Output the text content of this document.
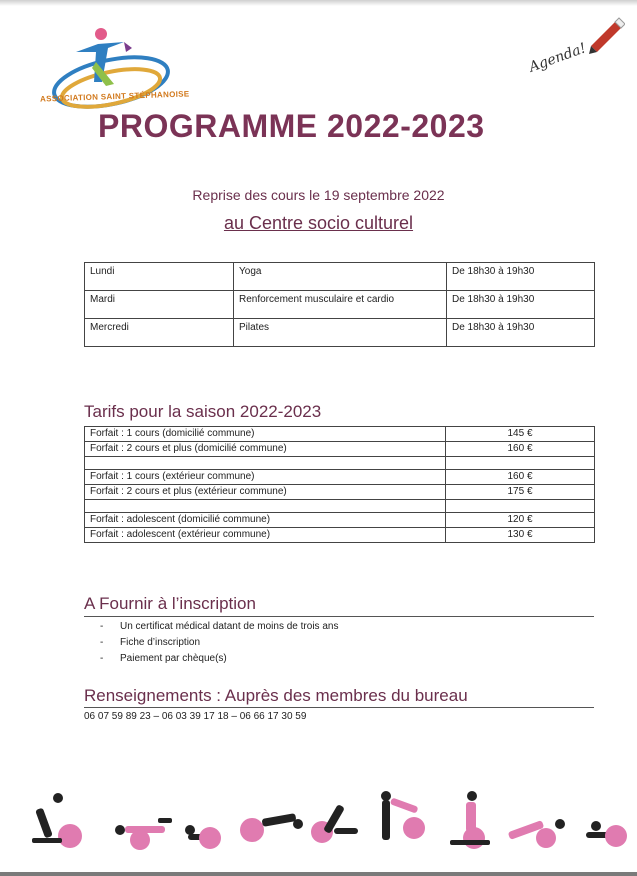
ASSOCIATION SAINT STÉPHANOISE
Agenda!
PROGRAMME 2022-2023
Reprise des cours le 19 septembre 2022
au Centre socio culturel
Lundi	Yoga	De 18h30 à 19h30
Mardi	Renforcement musculaire et cardio	De 18h30 à 19h30
Mercredi	Pilates	De 18h30 à 19h30
Tarifs pour la saison 2022-2023
Forfait : 1 cours (domicilié commune)	145 €
Forfait : 2 cours et plus (domicilié commune)	160 €

Forfait : 1 cours (extérieur commune)	160 €
Forfait : 2 cours et plus (extérieur commune)	175 €

Forfait : adolescent (domicilié commune)	120 €
Forfait : adolescent (extérieur commune)	130 €
A Fournir à l’inscription
- Un certificat médical datant de moins de trois ans
- Fiche d’inscription
- Paiement par chèque(s)
Renseignements : Auprès des membres du bureau
06 07 59 89 23 – 06 03 39 17 18 – 06 66 17 30 59
